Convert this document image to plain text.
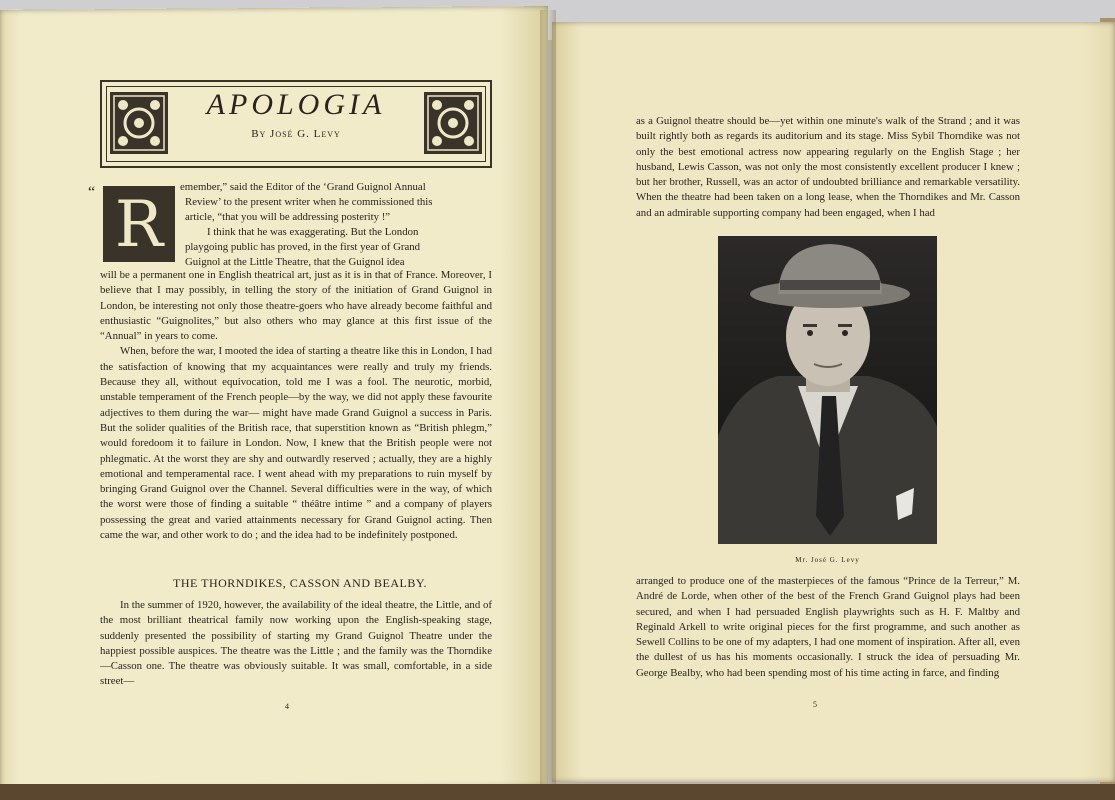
APOLOGIA
By José G. Levy
“ R
emember,” said the Editor of the ‘Grand Guignol Annual
Review’ to the present writer when he commissioned this
article, “that you will be addressing posterity !”
I think that he was exaggerating. But the London
playgoing public has proved, in the first year of Grand
Guignol at the Little Theatre, that the Guignol idea

will be a permanent one in English theatrical art, just as it is in that of France. Moreover, I believe that I may possibly, in telling the story of the initiation of Grand Guignol in London, be interesting not only those theatre-goers who have already become faithful and enthusiastic “Guignolites,” but also others who may glance at this first issue of the “Annual” in years to come.

When, before the war, I mooted the idea of starting a theatre like this in London, I had the satisfaction of knowing that my acquaintances were really and truly my friends. Because they all, without equivocation, told me I was a fool. The neurotic, morbid, unstable temperament of the French people—by the way, we did not apply these favourite adjectives to them during the war— might have made Grand Guignol a success in Paris. But the solider qualities of the British race, that superstition known as “British phlegm,” would foredoom it to failure in London. Now, I knew that the British people were not phlegmatic. At the worst they are shy and outwardly reserved ; actually, they are a highly emotional and temperamental race. I went ahead with my preparations to ruin myself by bringing Grand Guignol over the Channel. Several difficulties were in the way, of which the worst were those of finding a suitable “ théâtre intime ” and a company of players possessing the great and varied attainments necessary for Grand Guignol acting. Then came the war, and other work to do ; and the idea had to be indefinitely postponed.

THE THORNDIKES, CASSON AND BEALBY.

In the summer of 1920, however, the availability of the ideal theatre, the Little, and of the most brilliant theatrical family now working upon the English-speaking stage, suddenly presented the possibility of starting my Grand Guignol Theatre under the happiest possible auspices. The theatre was the Little ; and the family was the Thorndike—Casson one. The theatre was obviously suitable. It was small, comfortable, in a side street—

4

as a Guignol theatre should be—yet within one minute's walk of the Strand ; and it was built rightly both as regards its auditorium and its stage. Miss Sybil Thorndike was not only the best emotional actress now appearing regularly on the English Stage ; her husband, Lewis Casson, was not only the most consistently excellent producer I knew ; but her brother, Russell, was an actor of undoubted brilliance and remarkable versatility. When the theatre had been taken on a long lease, when the Thorndikes and Mr. Casson and an admirable supporting company had been engaged, when I had

Mr. José G. Levy

arranged to produce one of the masterpieces of the famous “Prince de la Terreur,” M. André de Lorde, when other of the best of the French Grand Guignol plays had been secured, and when I had persuaded English playwrights such as H. F. Maltby and Reginald Arkell to write original pieces for the first programme, and such another as Sewell Collins to be one of my adapters, I had one moment of inspiration. After all, even the dullest of us has his moments occasionally. I struck the idea of persuading Mr. George Bealby, who had been spending most of his time acting in farce, and finding

5
